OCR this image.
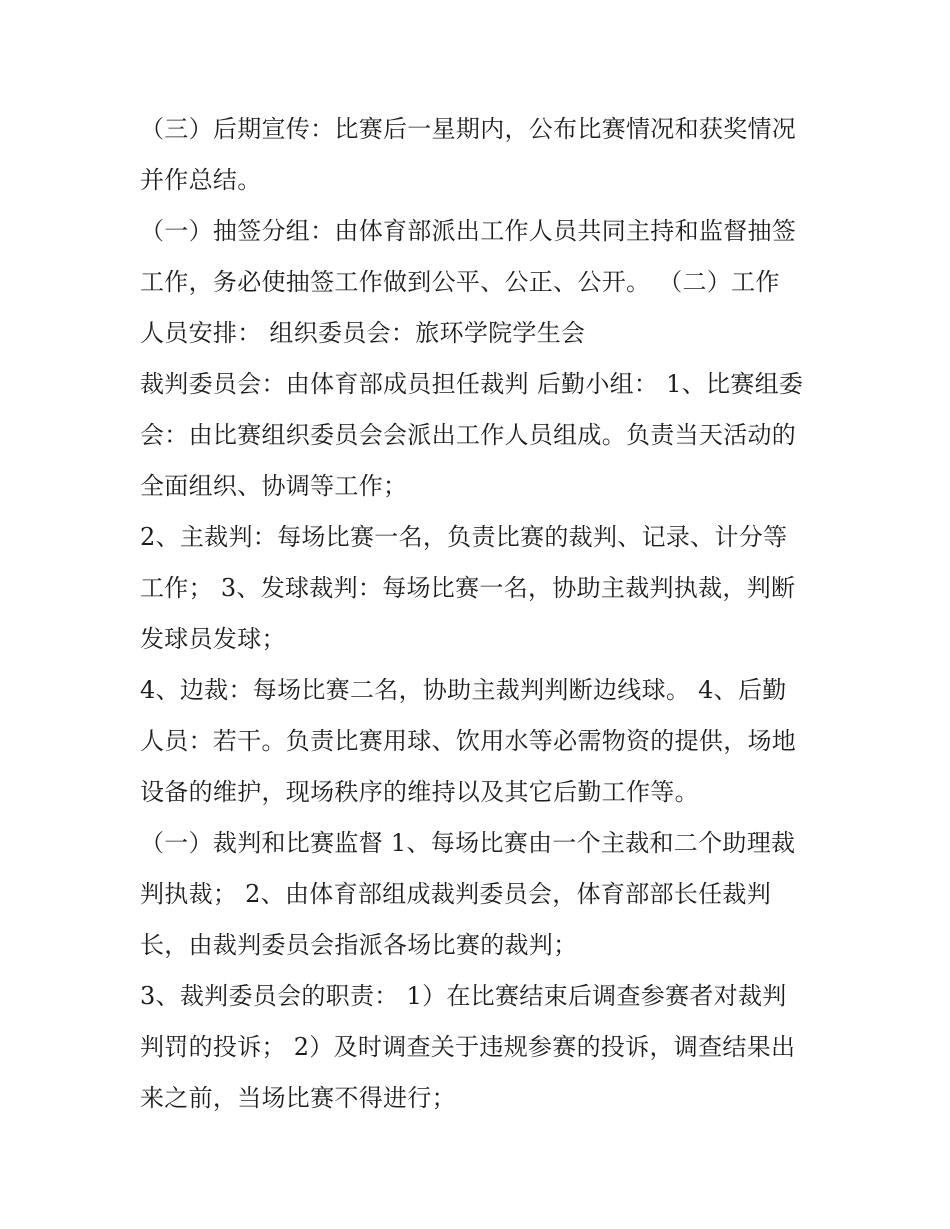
（三）后期宣传：比赛后一星期内，公布比赛情况和获奖情况
并作总结。
（一）抽签分组：由体育部派出工作人员共同主持和监督抽签
工作，务必使抽签工作做到公平、公正、公开。 （二）工作
人员安排： 组织委员会：旅环学院学生会
裁判委员会：由体育部成员担任裁判 后勤小组： 1、比赛组委
会：由比赛组织委员会会派出工作人员组成。负责当天活动的
全面组织、协调等工作；
2、主裁判：每场比赛一名，负责比赛的裁判、记录、计分等
工作； 3、发球裁判：每场比赛一名，协助主裁判执裁，判断
发球员发球；
4、边裁：每场比赛二名，协助主裁判判断边线球。 4、后勤
人员：若干。负责比赛用球、饮用水等必需物资的提供，场地
设备的维护，现场秩序的维持以及其它后勤工作等。
（一）裁判和比赛监督 1、每场比赛由一个主裁和二个助理裁
判执裁； 2、由体育部组成裁判委员会，体育部部长任裁判
长，由裁判委员会指派各场比赛的裁判；
3、裁判委员会的职责： 1）在比赛结束后调查参赛者对裁判
判罚的投诉； 2）及时调查关于违规参赛的投诉，调查结果出
来之前，当场比赛不得进行；
